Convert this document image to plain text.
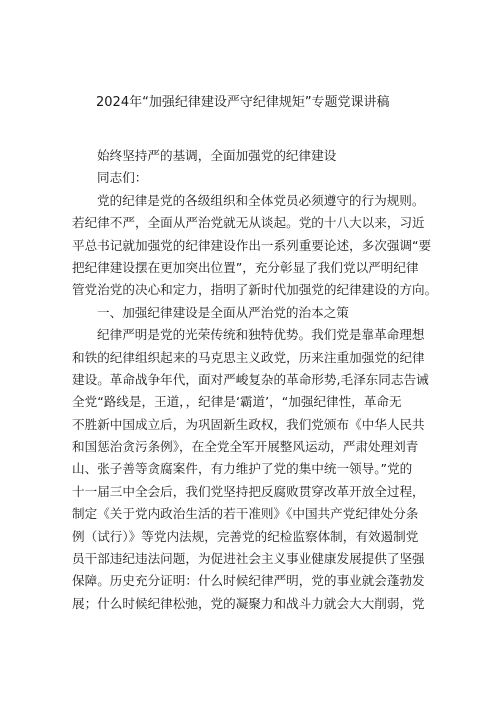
2024年“加强纪律建设严守纪律规矩”专题党课讲稿
始终坚持严的基调，全面加强党的纪律建设
同志们：
党的纪律是党的各级组织和全体党员必须遵守的行为规则。
若纪律不严，全面从严治党就无从谈起。党的十八大以来，习近
平总书记就加强党的纪律建设作出一系列重要论述，多次强调“要
把纪律建设摆在更加突出位置”，充分彰显了我们党以严明纪律
管党治党的决心和定力，指明了新时代加强党的纪律建设的方向。
一、加强纪律建设是全面从严治党的治本之策
纪律严明是党的光荣传统和独特优势。我们党是靠革命理想
和铁的纪律组织起来的马克思主义政党，历来注重加强党的纪律
建设。革命战争年代，面对严峻复杂的革命形势,毛泽东同志告诫
全党“路线是，王道，，纪律是‘霸道’，“加强纪律性，革命无
不胜新中国成立后，为巩固新生政权，我们党颁布《中华人民共
和国惩治贪污条例》，在全党全军开展整风运动，严肃处理刘青
山、张子善等贪腐案件，有力维护了党的集中统一领导。”党的
十一届三中全会后，我们党坚持把反腐败贯穿改革开放全过程，
制定《关于党内政治生活的若干准则》《中国共产党纪律处分条
例（试行）》等党内法规，完善党的纪检监察体制，有效遏制党
员干部违纪违法问题，为促进社会主义事业健康发展提供了坚强
保障。历史充分证明：什么时候纪律严明，党的事业就会蓬勃发
展；什么时候纪律松弛，党的凝聚力和战斗力就会大大削弱，党
